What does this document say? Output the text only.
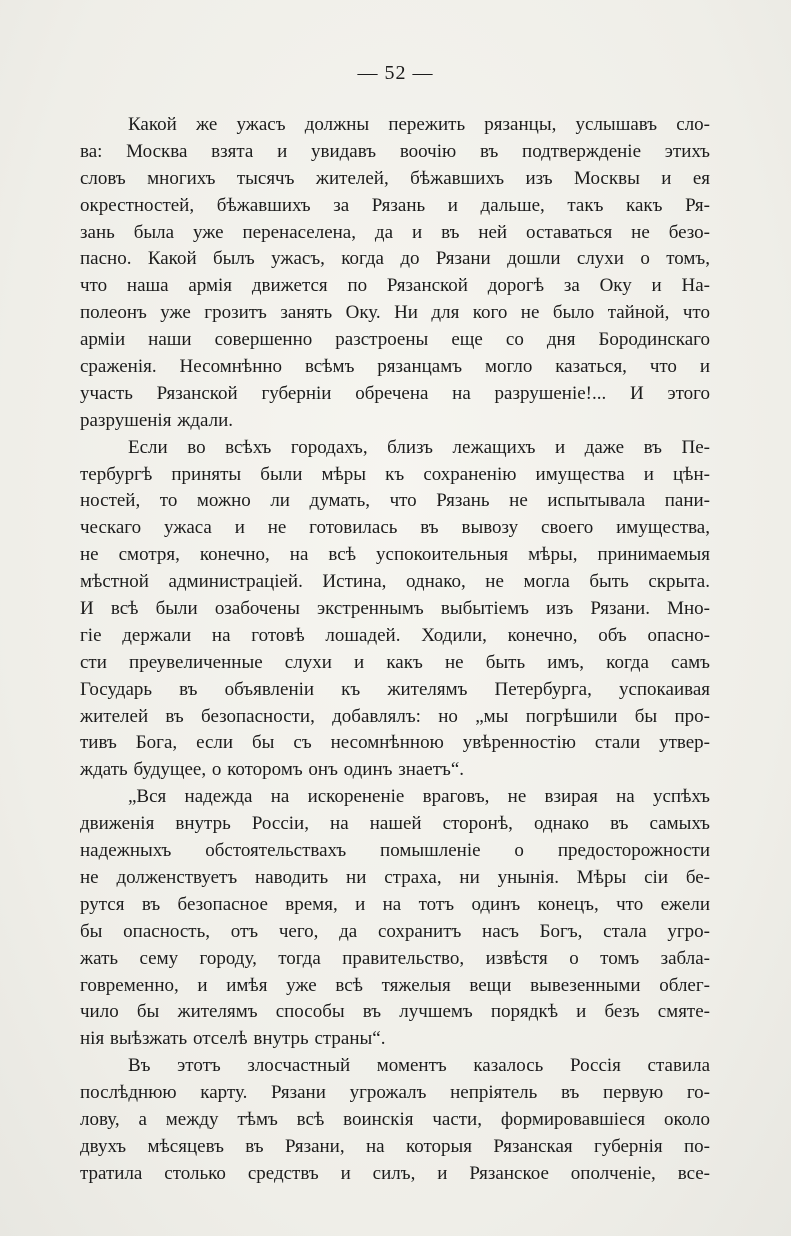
— 52 —
Какой же ужасъ должны пережить рязанцы, услышавъ сло-
ва: Москва взята и увидавъ воочію въ подтвержденіе этихъ
словъ многихъ тысячъ жителей, бѣжавшихъ изъ Москвы и ея
окрестностей, бѣжавшихъ за Рязань и дальше, такъ какъ Ря-
зань была уже перенаселена, да и въ ней оставаться не безо-
пасно. Какой былъ ужасъ, когда до Рязани дошли слухи о томъ,
что наша армія движется по Рязанской дорогѣ за Оку и На-
полеонъ уже грозитъ занять Оку. Ни для кого не было тайной, что
арміи наши совершенно разстроены еще со дня Бородинскаго
сраженія. Несомнѣнно всѣмъ рязанцамъ могло казаться, что и
участь Рязанской губерніи обречена на разрушеніе!... И этого
разрушенія ждали.
Если во всѣхъ городахъ, близъ лежащихъ и даже въ Пе-
тербургѣ приняты были мѣры къ сохраненію имущества и цѣн-
ностей, то можно ли думать, что Рязань не испытывала пани-
ческаго ужаса и не готовилась въ вывозу своего имущества,
не смотря, конечно, на всѣ успокоительныя мѣры, принимаемыя
мѣстной администраціей. Истина, однако, не могла быть скрыта.
И всѣ были озабочены экстреннымъ выбытіемъ изъ Рязани. Мно-
гіе держали на готовѣ лошадей. Ходили, конечно, объ опасно-
сти преувеличенные слухи и какъ не быть имъ, когда самъ
Государь въ объявленіи къ жителямъ Петербурга, успокаивая
жителей въ безопасности, добавлялъ: но „мы погрѣшили бы про-
тивъ Бога, если бы съ несомнѣнною увѣренностію стали утвер-
ждать будущее, о которомъ онъ одинъ знаетъ“.
„Вся надежда на искорененіе враговъ, не взирая на успѣхъ
движенія внутрь Россіи, на нашей сторонѣ, однако въ самыхъ
надежныхъ обстоятельствахъ помышленіе о предосторожности
не долженствуетъ наводить ни страха, ни унынія. Мѣры сіи бе-
рутся въ безопасное время, и на тотъ одинъ конецъ, что ежели
бы опасность, отъ чего, да сохранитъ насъ Богъ, стала угро-
жать сему городу, тогда правительство, извѣстя о томъ забла-
говременно, и имѣя уже всѣ тяжелыя вещи вывезенными облег-
чило бы жителямъ способы въ лучшемъ порядкѣ и безъ смяте-
нія выѣзжать отселѣ внутрь страны“.
Въ этотъ злосчастный моментъ казалось Россія ставила
послѣднюю карту. Рязани угрожалъ непріятель въ первую го-
лову, а между тѣмъ всѣ воинскія части, формировавшіеся около
двухъ мѣсяцевъ въ Рязани, на которыя Рязанская губернія по-
тратила столько средствъ и силъ, и Рязанское ополченіе, все-
